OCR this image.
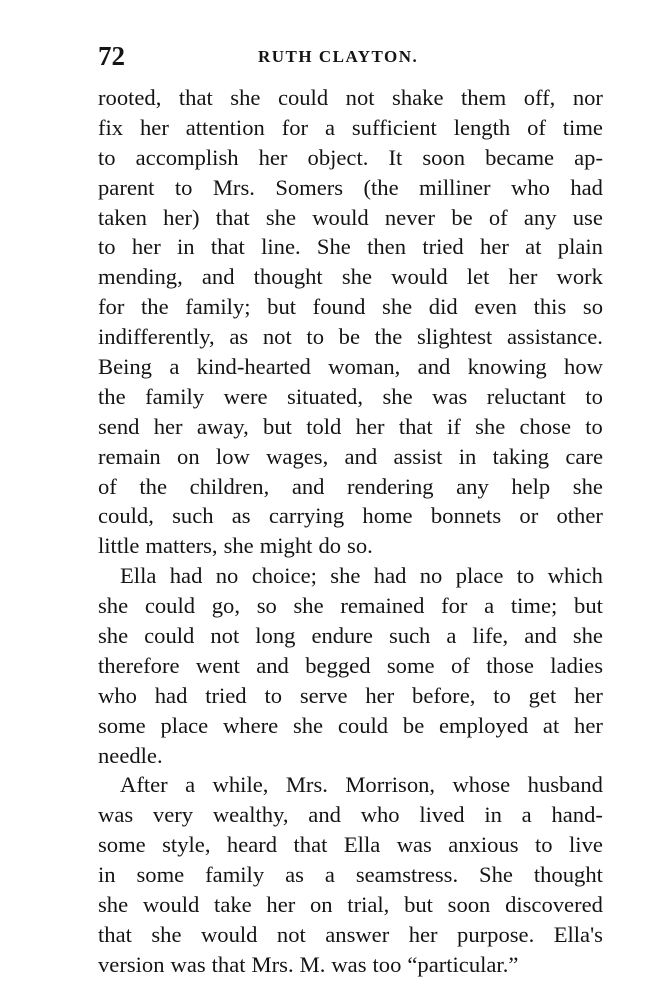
72	RUTH CLAYTON.
rooted, that she could not shake them off, nor
fix her attention for a sufficient length of time
to accomplish her object. It soon became ap-
parent to Mrs. Somers (the milliner who had
taken her) that she would never be of any use
to her in that line. She then tried her at plain
mending, and thought she would let her work
for the family; but found she did even this so
indifferently, as not to be the slightest assistance.
Being a kind-hearted woman, and knowing how
the family were situated, she was reluctant to
send her away, but told her that if she chose to
remain on low wages, and assist in taking care
of the children, and rendering any help she
could, such as carrying home bonnets or other
little matters, she might do so.
Ella had no choice; she had no place to which
she could go, so she remained for a time; but
she could not long endure such a life, and she
therefore went and begged some of those ladies
who had tried to serve her before, to get her
some place where she could be employed at her
needle.
After a while, Mrs. Morrison, whose husband
was very wealthy, and who lived in a hand-
some style, heard that Ella was anxious to live
in some family as a seamstress. She thought
she would take her on trial, but soon discovered
that she would not answer her purpose. Ella's
version was that Mrs. M. was too “particular.”
